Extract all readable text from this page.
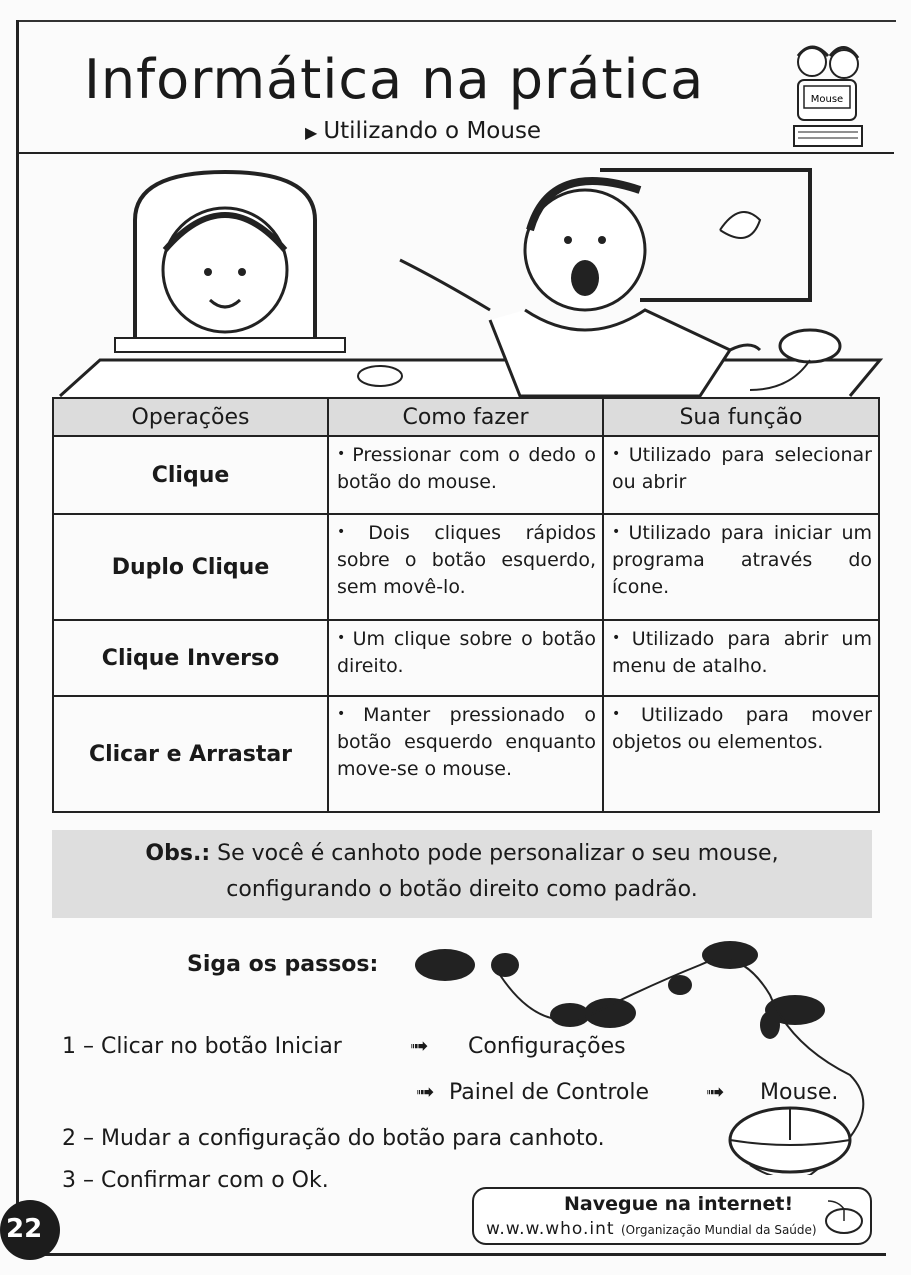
Informática na prática
▶ Utilizando o Mouse
Mouse
Operações	Como fazer	Sua função
Clique	• Pressionar com o dedo o botão do mouse.	• Utilizado para selecionar ou abrir
Duplo Clique	• Dois cliques rápidos sobre o botão esquerdo, sem movê-lo.	• Utilizado para iniciar um programa através do ícone.
Clique Inverso	• Um clique sobre o botão direito.	• Utilizado para abrir um menu de atalho.
Clicar e Arrastar	• Manter pressionado o botão esquerdo enquanto move-se o mouse.	• Utilizado para mover objetos ou elementos.
Obs.: Se você é canhoto pode personalizar o seu mouse,
configurando o botão direito como padrão.
Siga os passos:
1 – Clicar no botão Iniciar	➟ Configurações
➟ Painel de Controle	➟ Mouse.
2 – Mudar a configuração do botão para canhoto.
3 – Confirmar com o Ok.
Navegue na internet!
w.w.w.who.int (Organização Mundial da Saúde)
22
